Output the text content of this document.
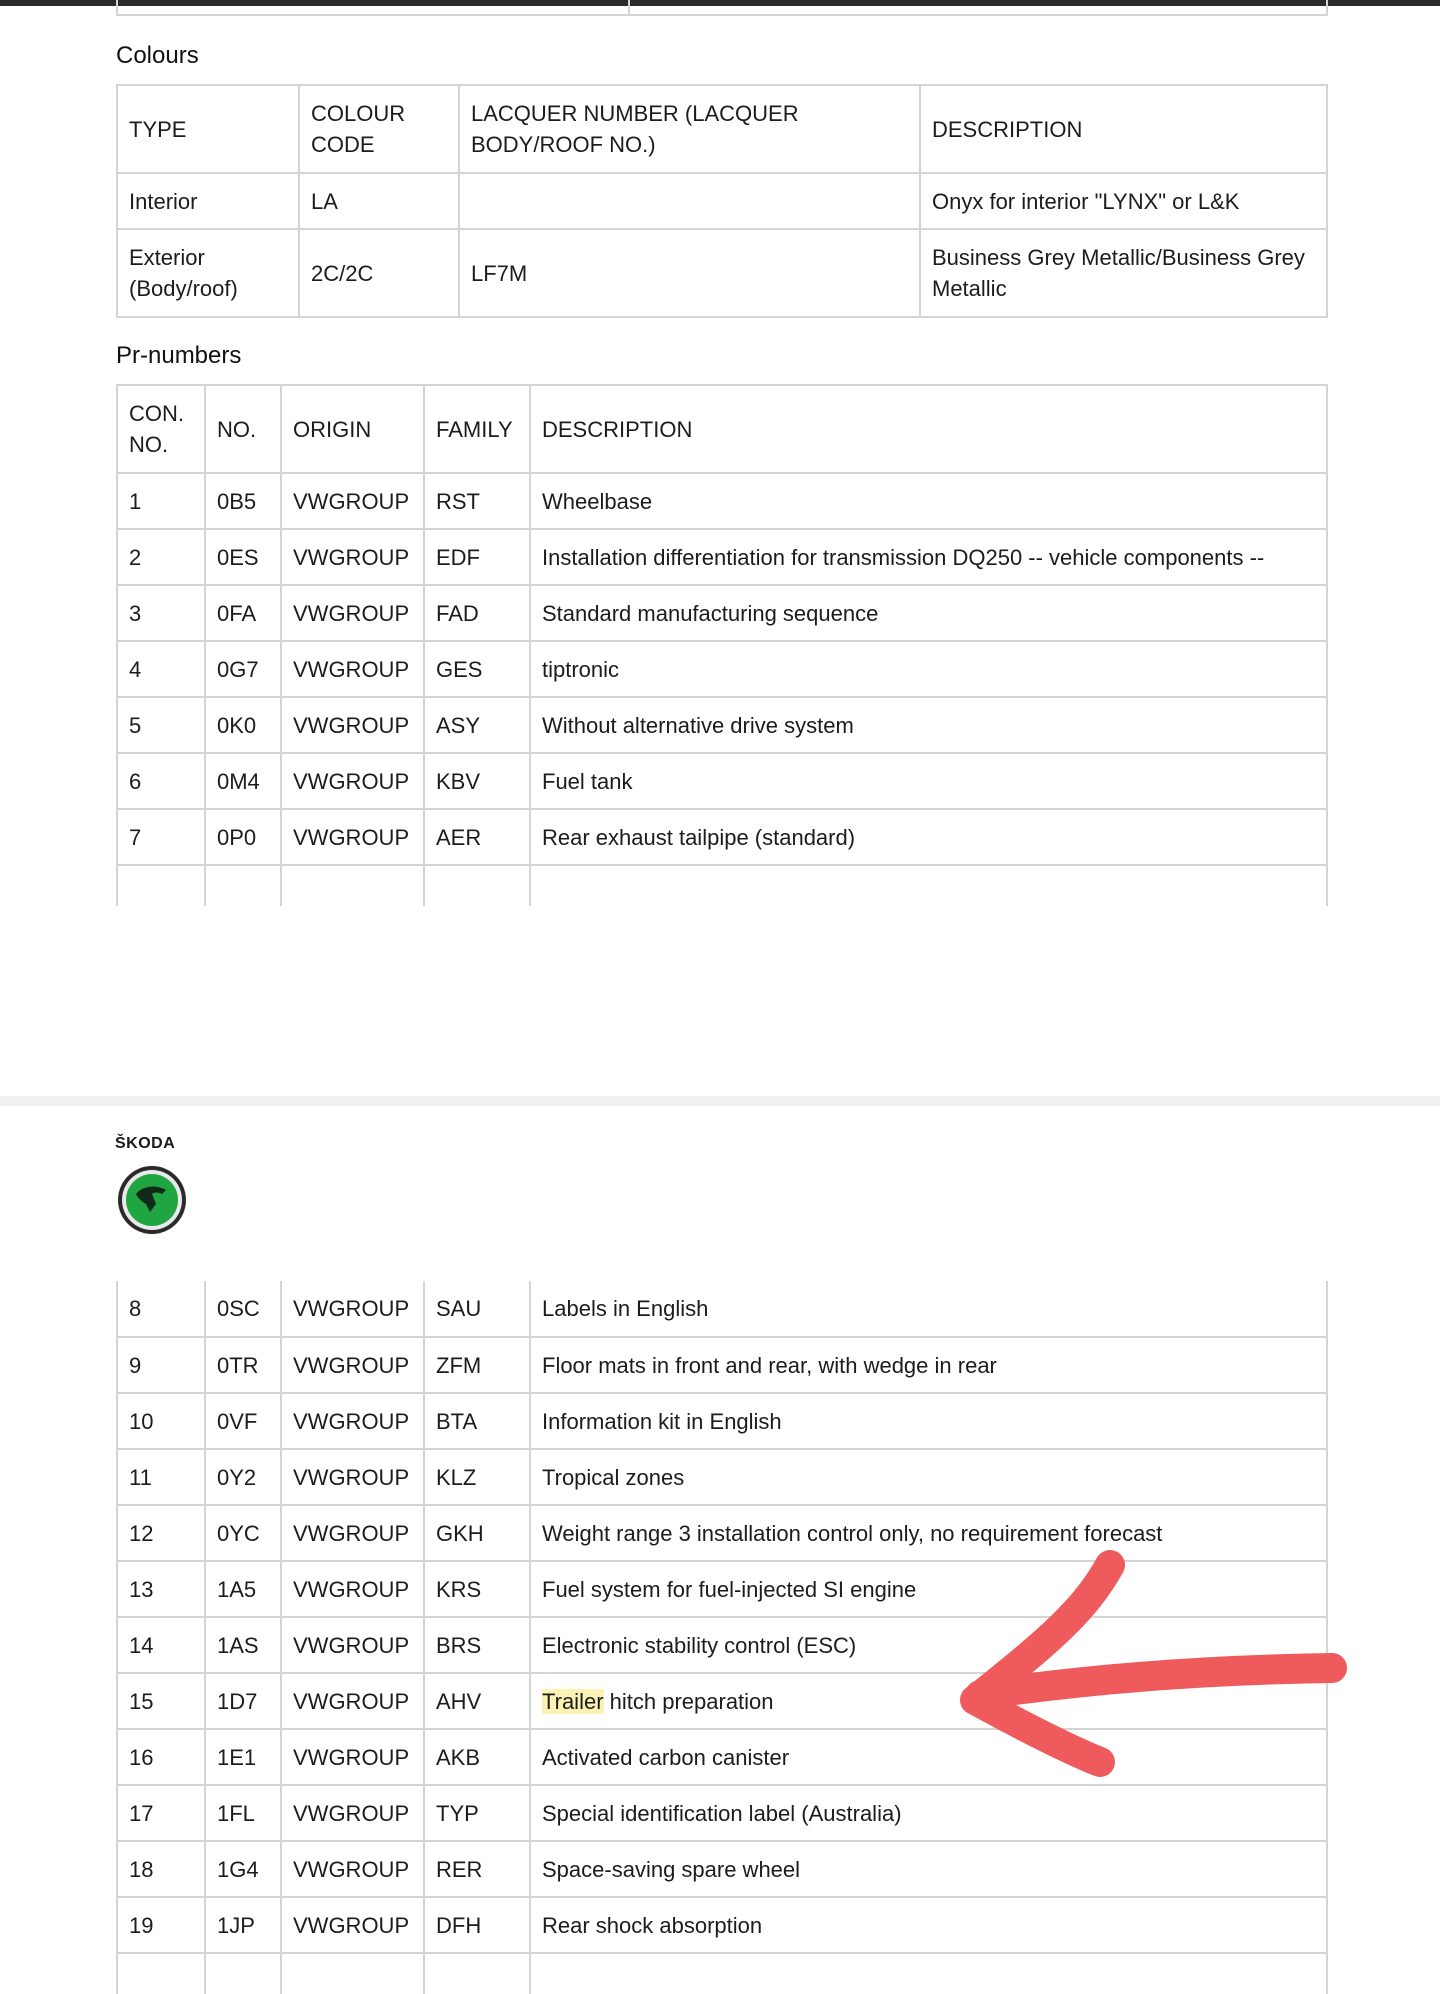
Colours
TYPE	COLOUR CODE	LACQUER NUMBER (LACQUER BODY/ROOF NO.)	DESCRIPTION
Interior	LA		Onyx for interior "LYNX" or L&K
Exterior (Body/roof)	2C/2C	LF7M	Business Grey Metallic/Business Grey Metallic
Pr-numbers
CON. NO.	NO.	ORIGIN	FAMILY	DESCRIPTION
1	0B5	VWGROUP	RST	Wheelbase
2	0ES	VWGROUP	EDF	Installation differentiation for transmission DQ250 -- vehicle components --
3	0FA	VWGROUP	FAD	Standard manufacturing sequence
4	0G7	VWGROUP	GES	tiptronic
5	0K0	VWGROUP	ASY	Without alternative drive system
6	0M4	VWGROUP	KBV	Fuel tank
7	0P0	VWGROUP	AER	Rear exhaust tailpipe (standard)

ŠKODA
8	0SC	VWGROUP	SAU	Labels in English
9	0TR	VWGROUP	ZFM	Floor mats in front and rear, with wedge in rear
10	0VF	VWGROUP	BTA	Information kit in English
11	0Y2	VWGROUP	KLZ	Tropical zones
12	0YC	VWGROUP	GKH	Weight range 3 installation control only, no requirement forecast
13	1A5	VWGROUP	KRS	Fuel system for fuel-injected SI engine
14	1AS	VWGROUP	BRS	Electronic stability control (ESC)
15	1D7	VWGROUP	AHV	Trailer hitch preparation
16	1E1	VWGROUP	AKB	Activated carbon canister
17	1FL	VWGROUP	TYP	Special identification label (Australia)
18	1G4	VWGROUP	RER	Space-saving spare wheel
19	1JP	VWGROUP	DFH	Rear shock absorption
